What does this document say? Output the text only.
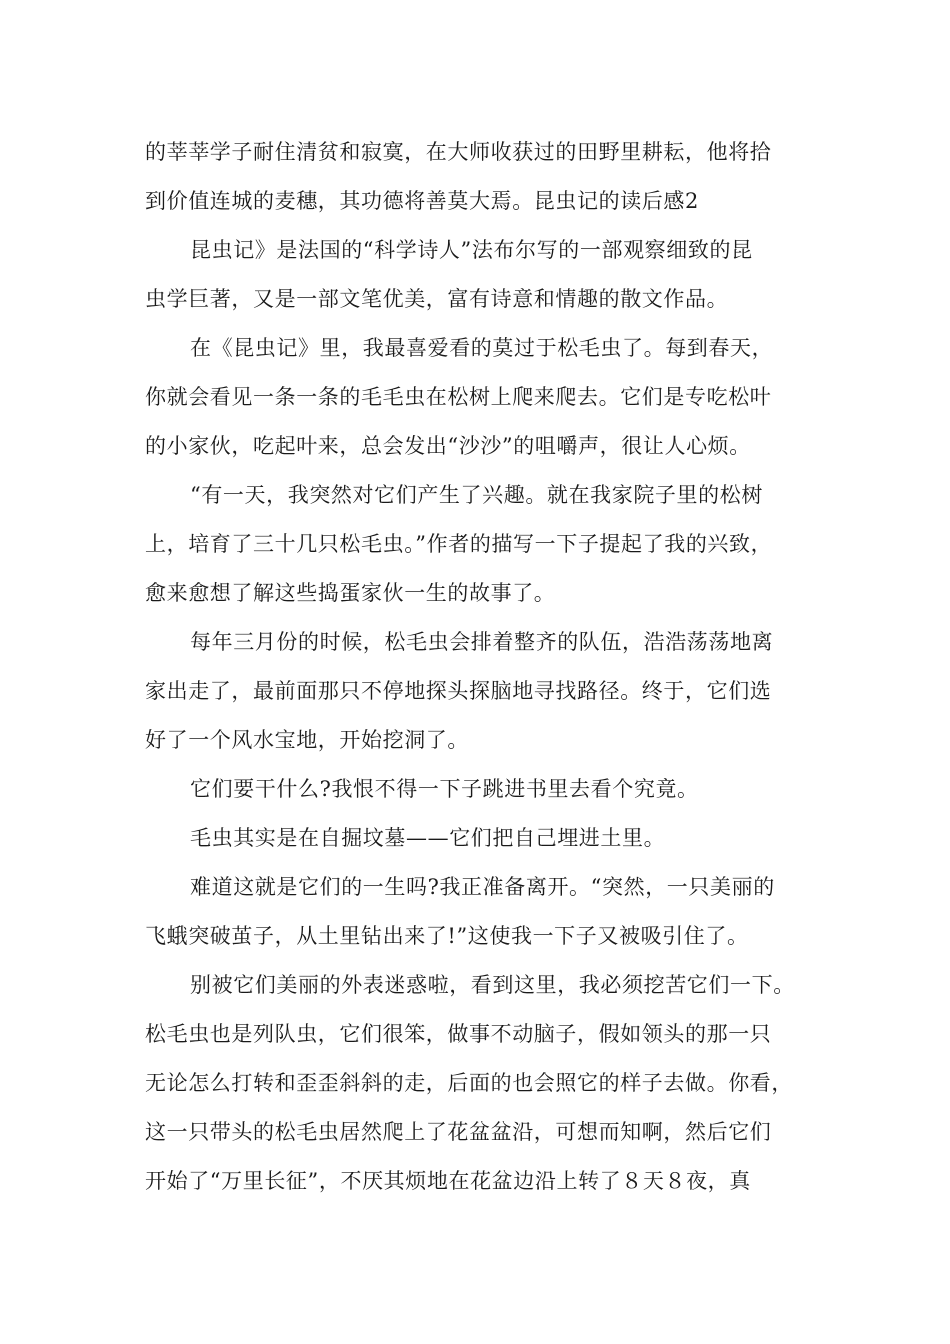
的莘莘学子耐住清贫和寂寞，在大师收获过的田野里耕耘，他将拾
到价值连城的麦穗，其功德将善莫大焉。昆虫记的读后感2
昆虫记》是法国的“科学诗人”法布尔写的一部观察细致的昆
虫学巨著，又是一部文笔优美，富有诗意和情趣的散文作品。
在《昆虫记》里，我最喜爱看的莫过于松毛虫了。每到春天，
你就会看见一条一条的毛毛虫在松树上爬来爬去。它们是专吃松叶
的小家伙，吃起叶来，总会发出“沙沙”的咀嚼声，很让人心烦。
“有一天，我突然对它们产生了兴趣。就在我家院子里的松树
上，培育了三十几只松毛虫。”作者的描写一下子提起了我的兴致，
愈来愈想了解这些捣蛋家伙一生的故事了。
每年三月份的时候，松毛虫会排着整齐的队伍，浩浩荡荡地离
家出走了，最前面那只不停地探头探脑地寻找路径。终于，它们选
好了一个风水宝地，开始挖洞了。
它们要干什么?我恨不得一下子跳进书里去看个究竟。
毛虫其实是在自掘坟墓——它们把自己埋进土里。
难道这就是它们的一生吗?我正准备离开。“突然，一只美丽的
飞蛾突破茧子，从土里钻出来了!”这使我一下子又被吸引住了。
别被它们美丽的外表迷惑啦，看到这里，我必须挖苦它们一下。
松毛虫也是列队虫，它们很笨，做事不动脑子，假如领头的那一只
无论怎么打转和歪歪斜斜的走，后面的也会照它的样子去做。你看，
这一只带头的松毛虫居然爬上了花盆盆沿，可想而知啊，然后它们
开始了“万里长征”，不厌其烦地在花盆边沿上转了８天８夜，真
